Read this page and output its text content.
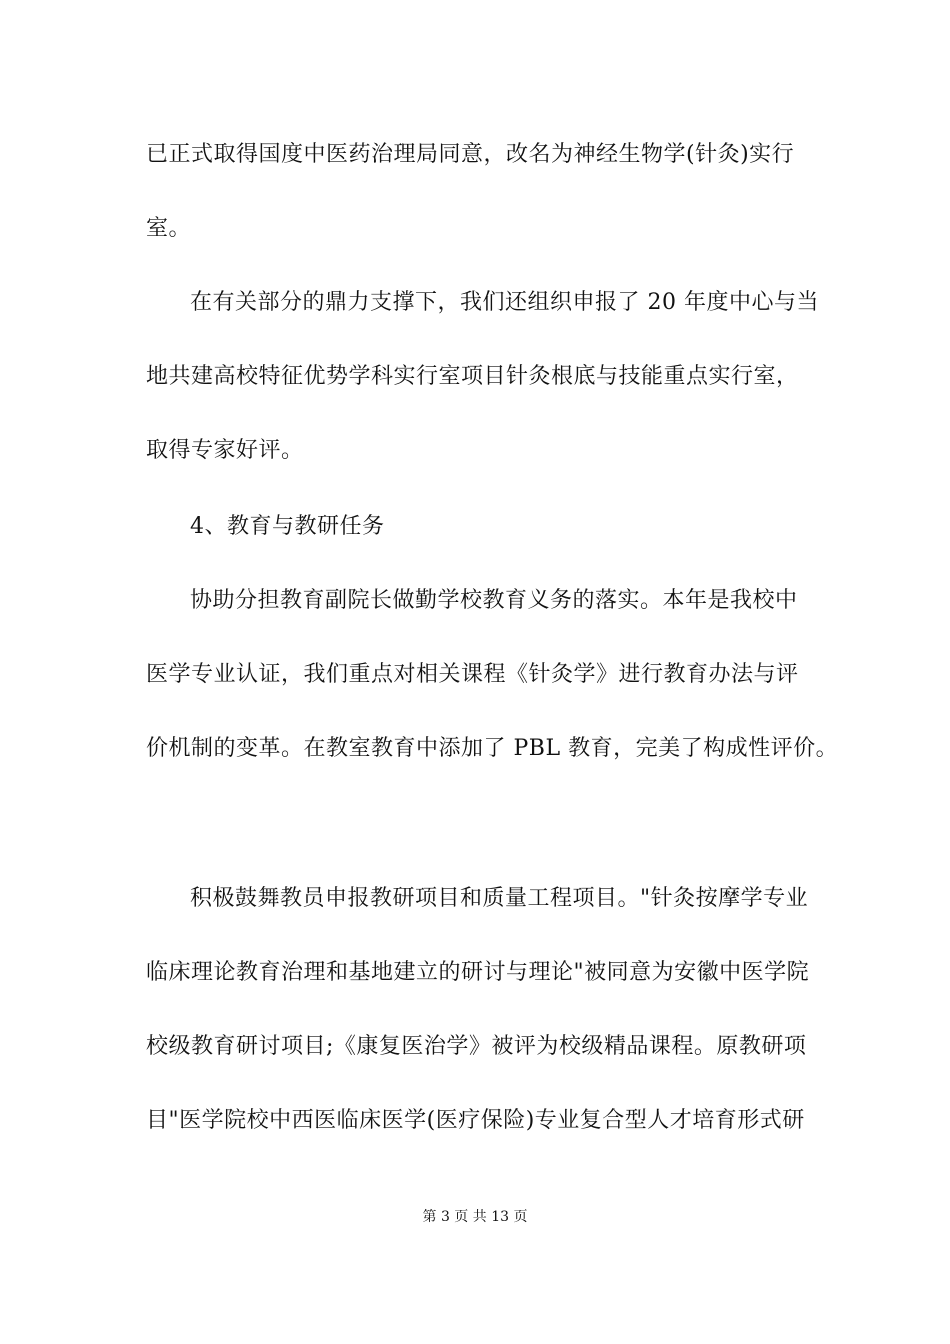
已正式取得国度中医药治理局同意，改名为神经生物学(针灸)实行
室。
在有关部分的鼎力支撑下，我们还组织申报了 20 年度中心与当
地共建高校特征优势学科实行室项目针灸根底与技能重点实行室，
取得专家好评。
4、教育与教研任务
协助分担教育副院长做勤学校教育义务的落实。本年是我校中
医学专业认证，我们重点对相关课程《针灸学》进行教育办法与评
价机制的变革。在教室教育中添加了 PBL 教育，完美了构成性评价。
积极鼓舞教员申报教研项目和质量工程项目。"针灸按摩学专业
临床理论教育治理和基地建立的研讨与理论"被同意为安徽中医学院
校级教育研讨项目;《康复医治学》被评为校级精品课程。原教研项
目"医学院校中西医临床医学(医疗保险)专业复合型人才培育形式研
第 3 页 共 13 页
